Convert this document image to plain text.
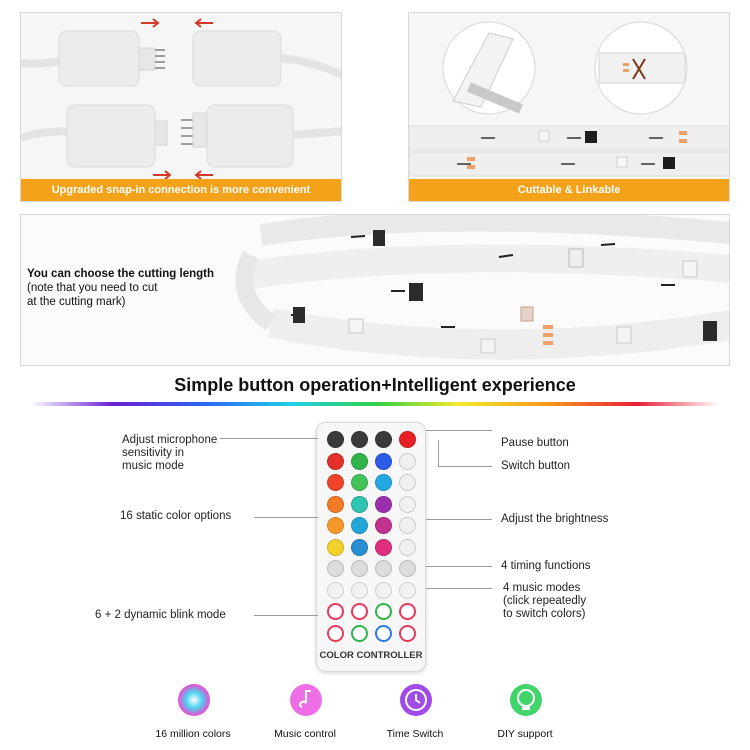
Upgraded snap-in connection is more convenient	Cuttable & Linkable
You can choose the cutting length
(note that you need to cut
at the cutting mark)
Simple button operation+Intelligent experience
COLOR CONTROLLER
Adjust microphone
sensitivity in
music mode
16 static color options
6 + 2 dynamic blink mode
Pause button
Switch button
Adjust the brightness
4 timing functions
4 music modes
(click repeatedly
to switch colors)
16 million colors	Music control	Time Switch	DIY support
